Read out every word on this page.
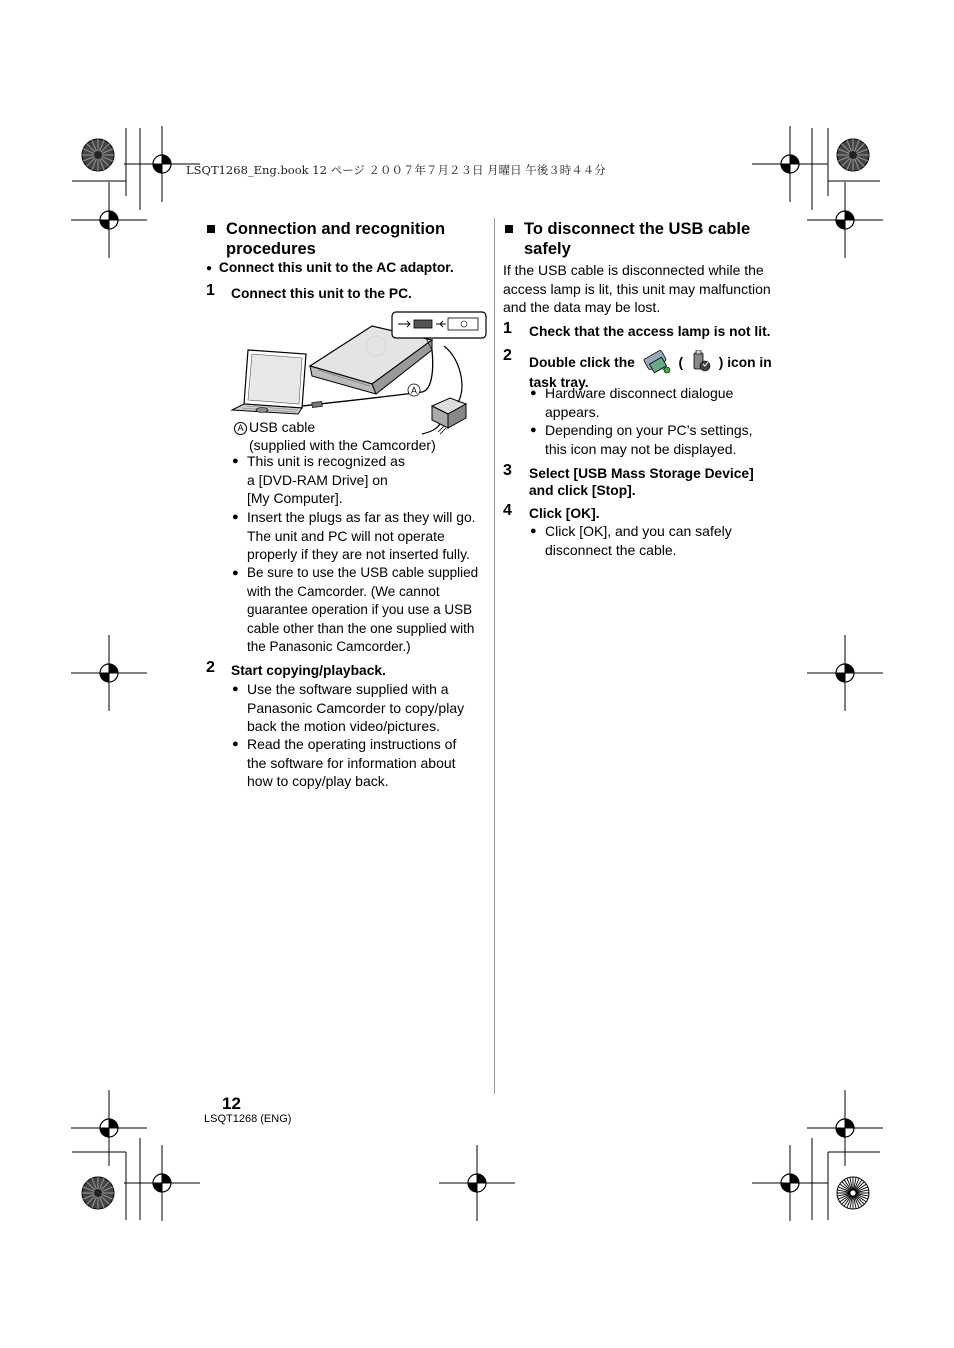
LSQT1268_Eng.book 12 ページ ２００７年７月２３日 月曜日 午後３時４４分
■ Connection and recognition
procedures
● Connect this unit to the AC adaptor.
1 Connect this unit to the PC.
A
A USB cable
(supplied with the Camcorder)
● This unit is recognized as
a [DVD-RAM Drive] on
[My Computer].
● Insert the plugs as far as they will go.
The unit and PC will not operate
properly if they are not inserted fully.
● Be sure to use the USB cable supplied
with the Camcorder. (We cannot
guarantee operation if you use a USB
cable other than the one supplied with
the Panasonic Camcorder.)
2 Start copying/playback.
● Use the software supplied with a
Panasonic Camcorder to copy/play
back the motion video/pictures.
● Read the operating instructions of
the software for information about
how to copy/play back.
■ To disconnect the USB cable
safely
If the USB cable is disconnected while the access lamp is lit, this unit may malfunction and the data may be lost.
1 Check that the access lamp is not lit.
2 Double click the	(	) icon in
task tray.
● Hardware disconnect dialogue
appears.
● Depending on your PC’s settings,
this icon may not be displayed.
3 Select [USB Mass Storage Device]
and click [Stop].
4 Click [OK].
● Click [OK], and you can safely
disconnect the cable.
12
LSQT1268 (ENG)
